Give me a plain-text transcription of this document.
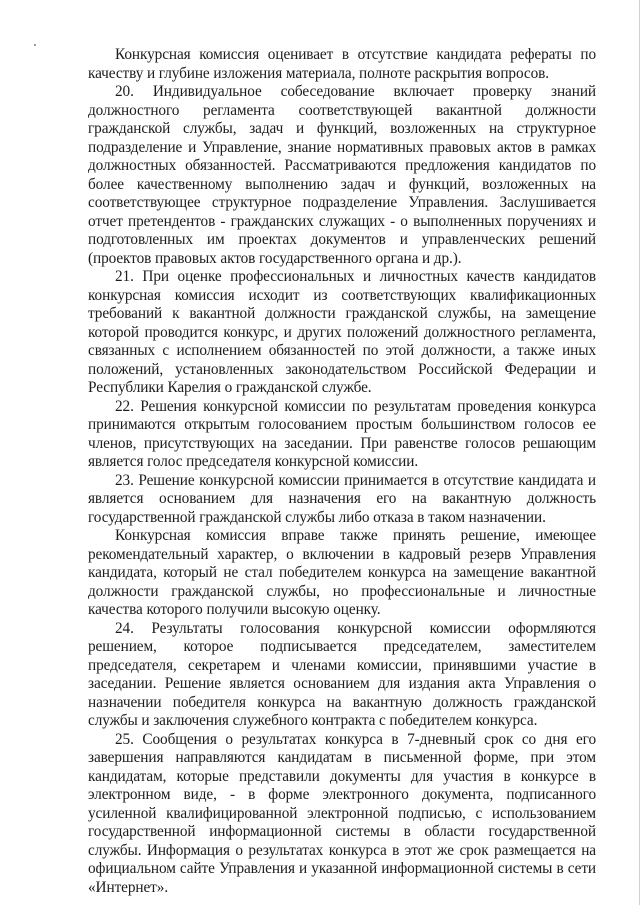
Конкурсная комиссия оценивает в отсутствие кандидата рефераты по качеству и глубине изложения материала, полноте раскрытия вопросов.

20. Индивидуальное собеседование включает проверку знаний должностного регламента соответствующей вакантной должности гражданской службы, задач и функций, возложенных на структурное подразделение и Управление, знание нормативных правовых актов в рамках должностных обязанностей. Рассматриваются предложения кандидатов по более качественному выполнению задач и функций, возложенных на соответствующее структурное подразделение Управления. Заслушивается отчет претендентов - гражданских служащих - о выполненных поручениях и подготовленных им проектах документов и управленческих решений (проектов правовых актов государственного органа и др.).

21. При оценке профессиональных и личностных качеств кандидатов конкурсная комиссия исходит из соответствующих квалификационных требований к вакантной должности гражданской службы, на замещение которой проводится конкурс, и других положений должностного регламента, связанных с исполнением обязанностей по этой должности, а также иных положений, установленных законодательством Российской Федерации и Республики Карелия о гражданской службе.

22. Решения конкурсной комиссии по результатам проведения конкурса принимаются открытым голосованием простым большинством голосов ее членов, присутствующих на заседании. При равенстве голосов решающим является голос председателя конкурсной комиссии.

23. Решение конкурсной комиссии принимается в отсутствие кандидата и является основанием для назначения его на вакантную должность государственной гражданской службы либо отказа в таком назначении.

Конкурсная комиссия вправе также принять решение, имеющее рекомендательный характер, о включении в кадровый резерв Управления кандидата, который не стал победителем конкурса на замещение вакантной должности гражданской службы, но профессиональные и личностные качества которого получили высокую оценку.

24. Результаты голосования конкурсной комиссии оформляются решением, которое подписывается председателем, заместителем председателя, секретарем и членами комиссии, принявшими участие в заседании. Решение является основанием для издания акта Управления о назначении победителя конкурса на вакантную должность гражданской службы и заключения служебного контракта с победителем конкурса.

25. Сообщения о результатах конкурса в 7-дневный срок со дня его завершения направляются кандидатам в письменной форме, при этом кандидатам, которые представили документы для участия в конкурсе в электронном виде, - в форме электронного документа, подписанного усиленной квалифицированной электронной подписью, с использованием государственной информационной системы в области государственной службы. Информация о результатах конкурса в этот же срок размещается на официальном сайте Управления и указанной информационной системы в сети «Интернет».
